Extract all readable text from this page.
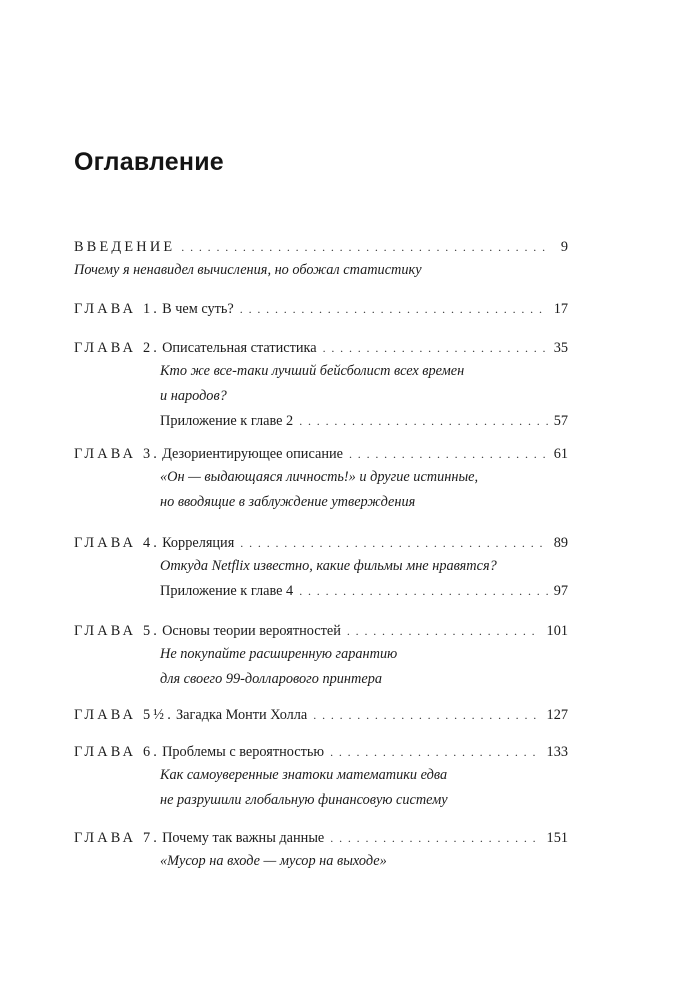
Оглавление
ВВЕДЕНИЕ . . .	9
Почему я ненавидел вычисления, но обожал статистику
ГЛАВА 1. В чем суть? . . .	17
ГЛАВА 2. Описательная статистика . . .	35
Кто же все-таки лучший бейсболист всех времен
и народов?
Приложение к главе 2 . . .	57
ГЛАВА 3. Дезориентирующее описание . . .	61
«Он — выдающаяся личность!» и другие истинные,
но вводящие в заблуждение утверждения
ГЛАВА 4. Корреляция . . .	89
Откуда Netflix известно, какие фильмы мне нравятся?
Приложение к главе 4 . . .	97
ГЛАВА 5. Основы теории вероятностей . . .	101
Не покупайте расширенную гарантию
для своего 99-долларового принтера
ГЛАВА 5½. Загадка Монти Холла . . .	127
ГЛАВА 6. Проблемы с вероятностью . . .	133
Как самоуверенные знатоки математики едва
не разрушили глобальную финансовую систему
ГЛАВА 7. Почему так важны данные . . .	151
«Мусор на входе — мусор на выходе»
